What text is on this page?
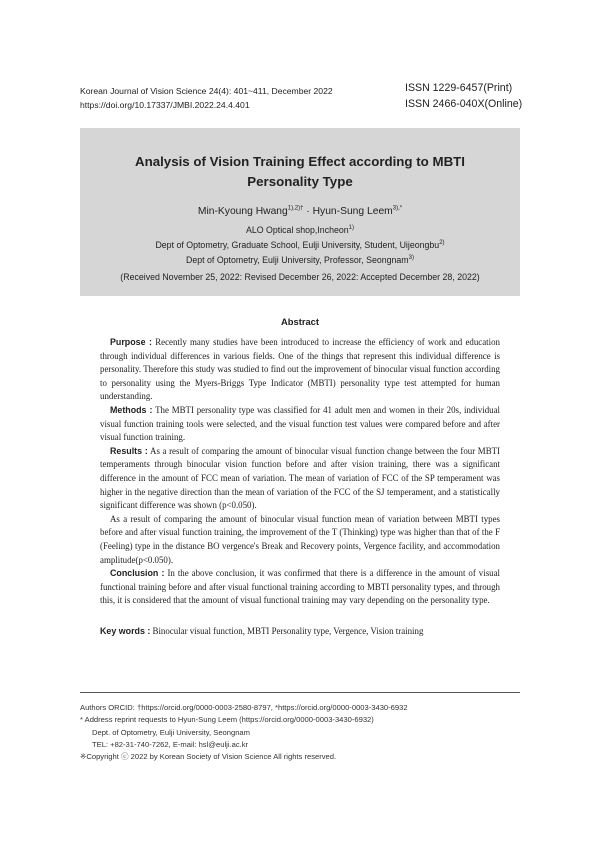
Korean Journal of Vision Science 24(4): 401~411, December 2022
https://doi.org/10.17337/JMBI.2022.24.4.401
ISSN 1229-6457(Print)
ISSN 2466-040X(Online)
Analysis of Vision Training Effect according to MBTI
Personality Type
Min-Kyoung Hwang$^{1),2)\dagger}$ · Hyun-Sung Leem$^{3),*}$
ALO Optical shop,Incheon$^{1)}$
Dept of Optometry, Graduate School, Eulji University, Student, Uijeongbu$^{2)}$
Dept of Optometry, Eulji University, Professor, Seongnam$^{3)}$
(Received November 25, 2022: Revised December 26, 2022: Accepted December 28, 2022)
Abstract

Purpose : Recently many studies have been introduced to increase the efficiency of work and education through individual differences in various fields. One of the things that represent this individual difference is personality. Therefore this study was studied to find out the improvement of binocular visual function according to personality using the Myers-Briggs Type Indicator (MBTI) personality type test attempted for human understanding.

Methods : The MBTI personality type was classified for 41 adult men and women in their 20s, individual visual function training tools were selected, and the visual function test values were compared before and after visual function training.

Results : As a result of comparing the amount of binocular visual function change between the four MBTI temperaments through binocular vision function before and after vision training, there was a significant difference in the amount of FCC mean of variation. The mean of variation of FCC of the SP temperament was higher in the negative direction than the mean of variation of the FCC of the SJ temperament, and a statistically significant difference was shown (p<0.050).

As a result of comparing the amount of binocular visual function mean of variation between MBTI types before and after visual function training, the improvement of the T (Thinking) type was higher than that of the F (Feeling) type in the distance BO vergence's Break and Recovery points, Vergence facility, and accommodation amplitude(p<0.050).

Conclusion : In the above conclusion, it was confirmed that there is a difference in the amount of visual functional training before and after visual functional training according to MBTI personality types, and through this, it is considered that the amount of visual functional training may vary depending on the personality type.

Key words : Binocular visual function, MBTI Personality type, Vergence, Vision training
Authors ORCID: †https://orcid.org/0000-0003-2580-8797, *https://orcid.org/0000-0003-3430-6932
* Address reprint requests to Hyun-Sung Leem (https://orcid.org/0000-0003-3430-6932)
Dept. of Optometry, Eulji University, Seongnam
TEL: +82-31-740-7262, E-mail: hsl@eulji.ac.kr
※Copyright ⓒ 2022 by Korean Society of Vision Science All rights reserved.
